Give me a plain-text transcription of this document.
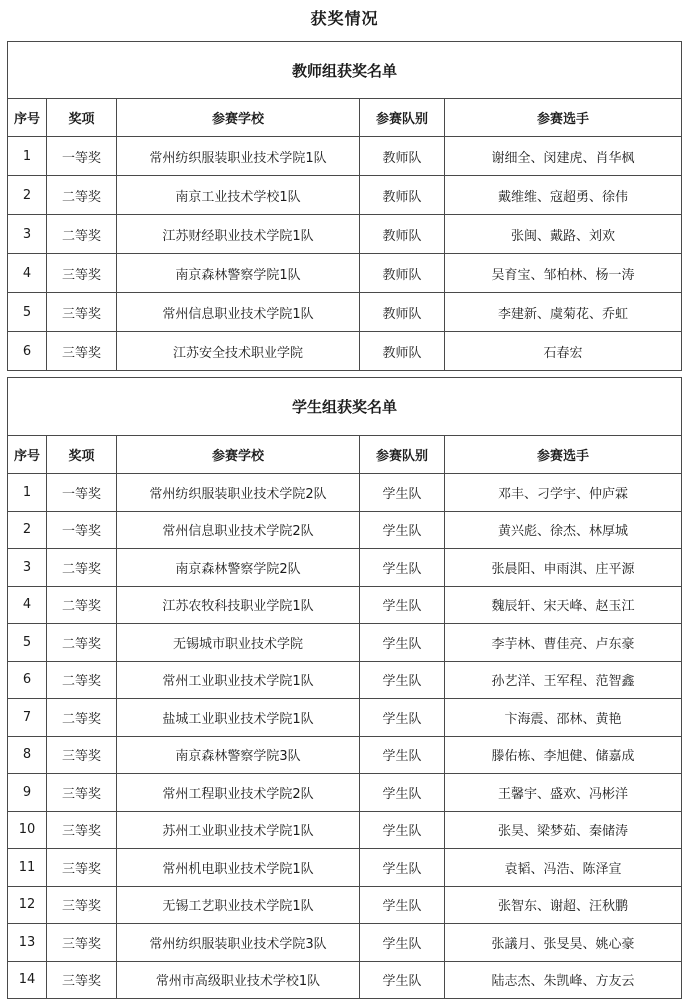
获奖情况
教师组获奖名单				
序号	奖项	参赛学校	参赛队别	参赛选手
1	一等奖	常州纺织服装职业技术学院1队	教师队	谢细全、闵建虎、肖华枫
2	二等奖	南京工业技术学校1队	教师队	戴维维、寇超勇、徐伟
3	二等奖	江苏财经职业技术学院1队	教师队	张闽、戴路、刘欢
4	三等奖	南京森林警察学院1队	教师队	吴育宝、邹柏林、杨一涛
5	三等奖	常州信息职业技术学院1队	教师队	李建新、虞菊花、乔虹
6	三等奖	江苏安全技术职业学院	教师队	石春宏
学生组获奖名单				
序号	奖项	参赛学校	参赛队别	参赛选手
1	一等奖	常州纺织服装职业技术学院2队	学生队	邓丰、刁学宇、仲庐霖
2	一等奖	常州信息职业技术学院2队	学生队	黄兴彪、徐杰、林厚城
3	二等奖	南京森林警察学院2队	学生队	张晨阳、申雨淇、庄平源
4	二等奖	江苏农牧科技职业学院1队	学生队	魏辰轩、宋天峰、赵玉江
5	二等奖	无锡城市职业技术学院	学生队	李芋林、曹佳亮、卢东豪
6	二等奖	常州工业职业技术学院1队	学生队	孙艺洋、王军程、范智鑫
7	二等奖	盐城工业职业技术学院1队	学生队	卞海震、邵林、黄艳
8	三等奖	南京森林警察学院3队	学生队	滕佑栋、李旭健、储嘉成
9	三等奖	常州工程职业技术学院2队	学生队	王馨宇、盛欢、冯彬洋
10	三等奖	苏州工业职业技术学院1队	学生队	张昊、梁梦茹、秦储涛
11	三等奖	常州机电职业技术学院1队	学生队	袁韬、冯浩、陈泽宣
12	三等奖	无锡工艺职业技术学院1队	学生队	张智东、谢超、汪秋鹏
13	三等奖	常州纺织服装职业技术学院3队	学生队	张議月、张旻昊、姚心豪
14	三等奖	常州市高级职业技术学校1队	学生队	陆志杰、朱凯峰、方友云
